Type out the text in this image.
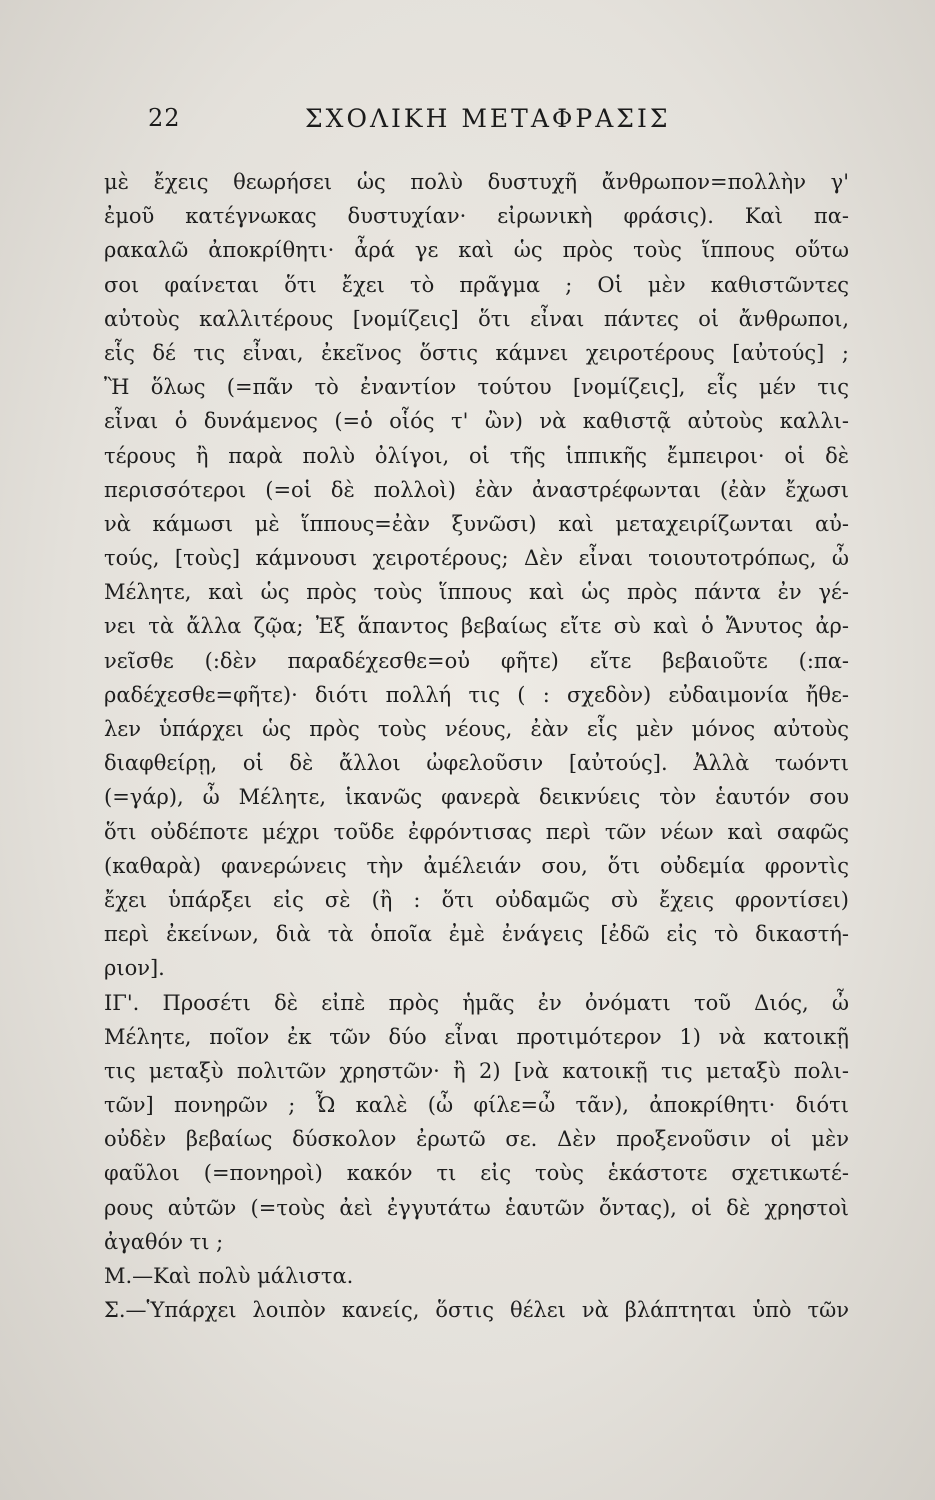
22	ΣΧΟΛΙΚΗ ΜΕΤΑΦΡΑΣΙΣ
μὲ ἔχεις θεωρήσει ὡς πολὺ δυστυχῆ ἄνθρωπον=πολλὴν γ'
ἐμοῦ κατέγνωκας δυστυχίαν· εἰρωνικὴ φράσις). Καὶ πα-
ρακαλῶ ἀποκρίθητι· ἆρά γε καὶ ὡς πρὸς τοὺς ἵππους οὕτω
σοι φαίνεται ὅτι ἔχει τὸ πρᾶγμα ; Οἱ μὲν καθιστῶντες
αὐτοὺς καλλιτέρους [νομίζεις] ὅτι εἶναι πάντες οἱ ἄνθρωποι,
εἷς δέ τις εἶναι, ἐκεῖνος ὅστις κάμνει χειροτέρους [αὐτούς] ;
Ἢ ὅλως (=πᾶν τὸ ἐναντίον τούτου [νομίζεις], εἷς μέν τις
εἶναι ὁ δυνάμενος (=ὁ οἷός τ' ὢν) νὰ καθιστᾷ αὐτοὺς καλλι-
τέρους ἢ παρὰ πολὺ ὀλίγοι, οἱ τῆς ἱππικῆς ἔμπειροι· οἱ δὲ
περισσότεροι (=οἱ δὲ πολλοὶ) ἐὰν ἀναστρέφωνται (ἐὰν ἔχωσι
νὰ κάμωσι μὲ ἵππους=ἐὰν ξυνῶσι) καὶ μεταχειρίζωνται αὐ-
τούς, [τοὺς] κάμνουσι χειροτέρους; Δὲν εἶναι τοιουτοτρόπως, ὦ
Μέλητε, καὶ ὡς πρὸς τοὺς ἵππους καὶ ὡς πρὸς πάντα ἐν γέ-
νει τὰ ἄλλα ζῷα; Ἐξ ἅπαντος βεβαίως εἴτε σὺ καὶ ὁ Ἄνυτος ἀρ-
νεῖσθε (:δὲν παραδέχεσθε=οὐ φῆτε) εἴτε βεβαιοῦτε (:πα-
ραδέχεσθε=φῆτε)· διότι πολλή τις ( : σχεδὸν) εὐδαιμονία ἤθε-
λεν ὑπάρχει ὡς πρὸς τοὺς νέους, ἐὰν εἷς μὲν μόνος αὐτοὺς
διαφθείρῃ, οἱ δὲ ἄλλοι ὠφελοῦσιν [αὐτούς]. Ἀλλὰ τωόντι
(=γάρ), ὦ Μέλητε, ἱκανῶς φανερὰ δεικνύεις τὸν ἑαυτόν σου
ὅτι οὐδέποτε μέχρι τοῦδε ἐφρόντισας περὶ τῶν νέων καὶ σαφῶς
(καθαρὰ) φανερώνεις τὴν ἀμέλειάν σου, ὅτι οὐδεμία φροντὶς
ἔχει ὑπάρξει εἰς σὲ (ἢ : ὅτι οὐδαμῶς σὺ ἔχεις φροντίσει)
περὶ ἐκείνων, διὰ τὰ ὁποῖα ἐμὲ ἐνάγεις [ἐδῶ εἰς τὸ δικαστή-
ριον].
ΙΓ'. Προσέτι δὲ εἰπὲ πρὸς ἡμᾶς ἐν ὀνόματι τοῦ Διός, ὦ
Μέλητε, ποῖον ἐκ τῶν δύο εἶναι προτιμότερον 1) νὰ κατοικῇ
τις μεταξὺ πολιτῶν χρηστῶν· ἢ 2) [νὰ κατοικῇ τις μεταξὺ πολι-
τῶν] πονηρῶν ; Ὦ καλὲ (ὦ φίλε=ὦ τᾶν), ἀποκρίθητι· διότι
οὐδὲν βεβαίως δύσκολον ἐρωτῶ σε. Δὲν προξενοῦσιν οἱ μὲν
φαῦλοι (=πονηροὶ) κακόν τι εἰς τοὺς ἑκάστοτε σχετικωτέ-
ρους αὐτῶν (=τοὺς ἀεὶ ἐγγυτάτω ἑαυτῶν ὄντας), οἱ δὲ χρηστοὶ
ἀγαθόν τι ;
Μ.—Καὶ πολὺ μάλιστα.
Σ.—Ὑπάρχει λοιπὸν κανείς, ὅστις θέλει νὰ βλάπτηται ὑπὸ τῶν
